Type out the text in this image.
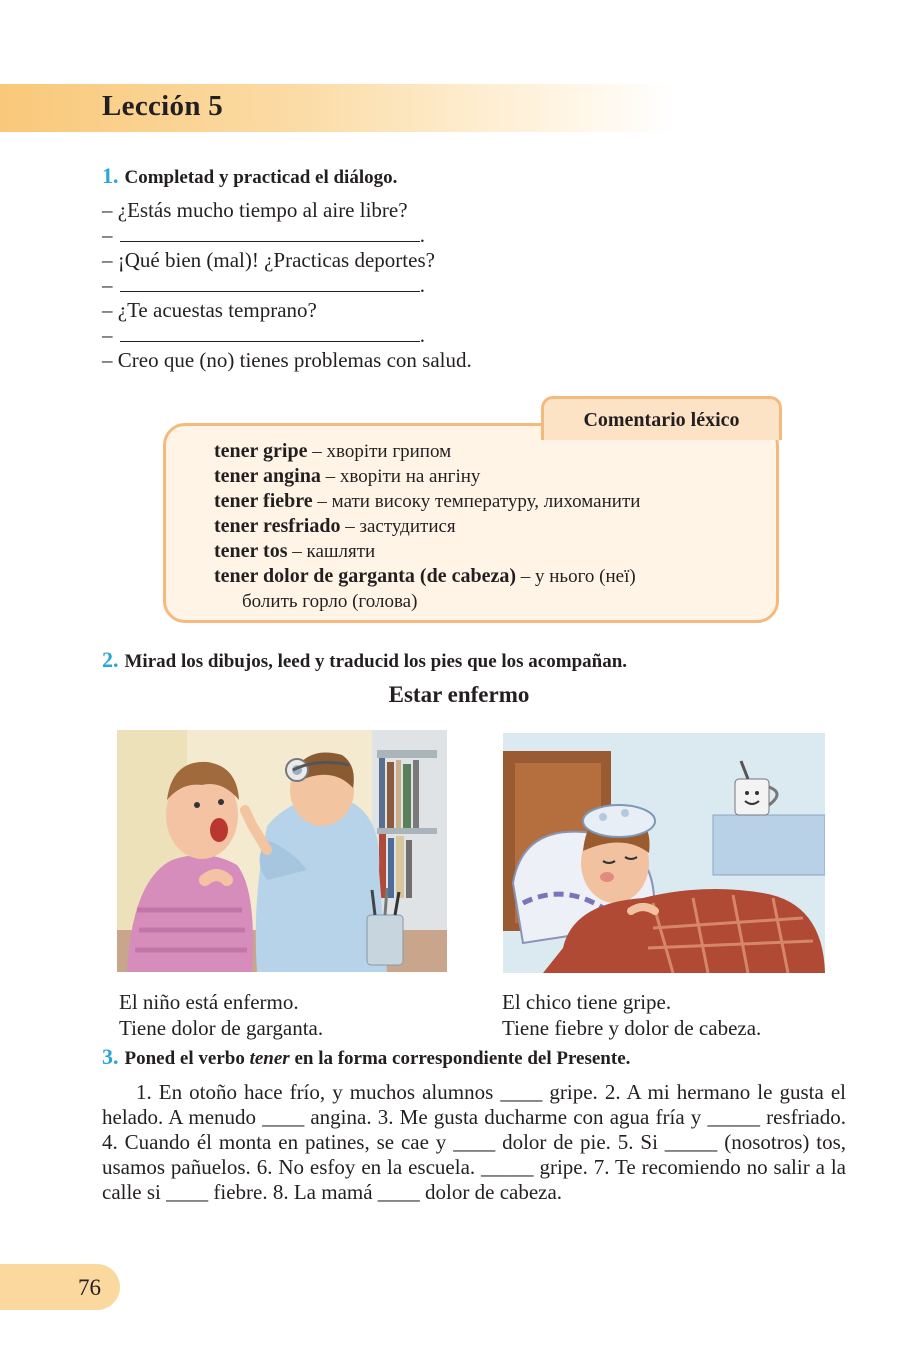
Lección 5
1. Completad y practicad el diálogo.
– ¿Estás mucho tiempo al aire libre?
–	.
– ¡Qué bien (mal)! ¿Practicas deportes?
–	.
– ¿Te acuestas temprano?
–	.
– Creo que (no) tienes problemas con salud.
Comentario léxico
tener gripe – хворіти грипом
tener angina – хворіти на ангіну
tener fiebre – мати високу температуру, лихоманити
tener resfriado – застудитися
tener tos – кашляти
tener dolor de garganta (de cabeza) – у нього (неї)
болить горло (голова)
2. Mirad los dibujos, leed y traducid los pies que los acompañan.
Estar enfermo
El niño está enfermo.
Tiene dolor de garganta.
El chico tiene gripe.
Tiene fiebre y dolor de cabeza.
3. Poned el verbo tener en la forma correspondiente del Presente.
1. En otoño hace frío, y muchos alumnos ____ gripe. 2. A mi hermano le gusta el helado. A menudo ____ angina. 3. Me gusta ducharme con agua fría y _____ resfriado. 4. Cuando él monta en patines, se cae y ____ dolor de pie. 5. Si _____ (nosotros) tos, usamos pañuelos. 6. No esfoy en la escuela. _____ gripe. 7. Te recomiendo no salir a la calle si ____ fiebre. 8. La mamá ____ dolor de cabeza.
76
